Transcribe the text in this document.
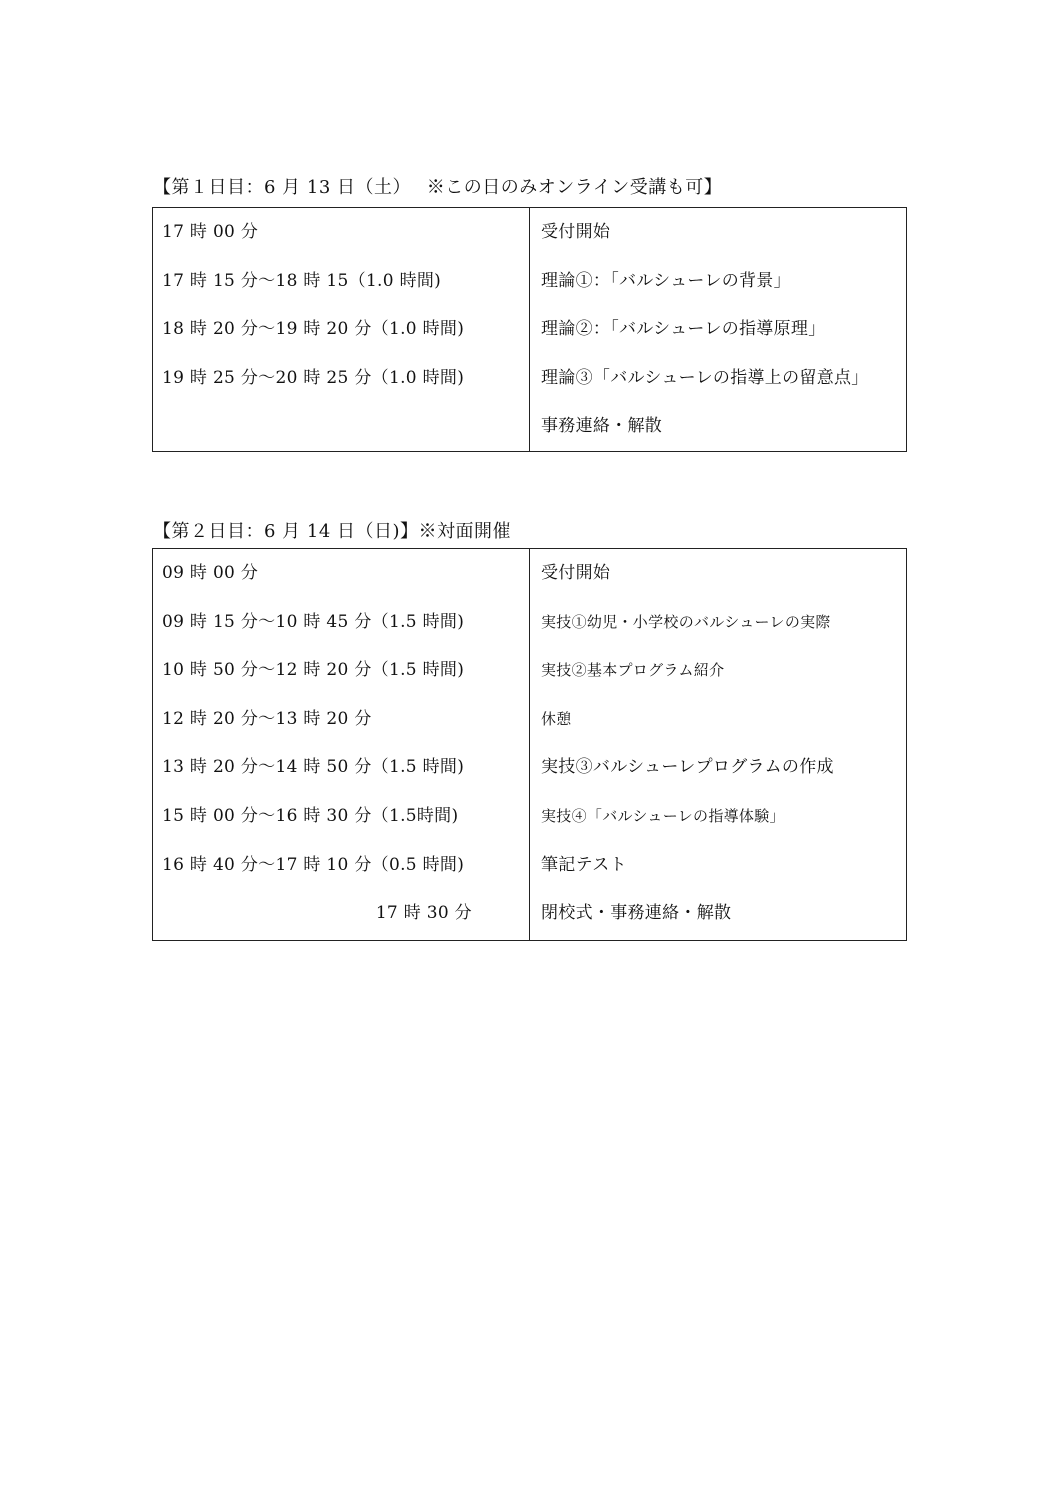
【第１日目：6 月 13 日（土）　 ※この日のみオンライン受講も可】
17 時 00 分
17 時 15 分～18 時 15（1.0 時間)
18 時 20 分～19 時 20 分（1.0 時間)
19 時 25 分～20 時 25 分（1.0 時間)
受付開始
理論①：「バルシューレの背景」
理論②：「バルシューレの指導原理」
理論③「バルシューレの指導上の留意点」
事務連絡・解散
【第２日目：6 月 14 日（日)】※対面開催
09 時 00 分
09 時 15 分～10 時 45 分（1.5 時間)
10 時 50 分～12 時 20 分（1.5 時間)
12 時 20 分～13 時 20 分
13 時 20 分～14 時 50 分（1.5 時間)
15 時 00 分～16 時 30 分（1.5時間)
16 時 40 分～17 時 10 分（0.5 時間)
17 時 30 分
受付開始
実技①幼児・小学校のバルシューレの実際
実技②基本プログラム紹介
休憩
実技③バルシューレプログラムの作成
実技④「バルシューレの指導体験」
筆記テスト
閉校式・事務連絡・解散
